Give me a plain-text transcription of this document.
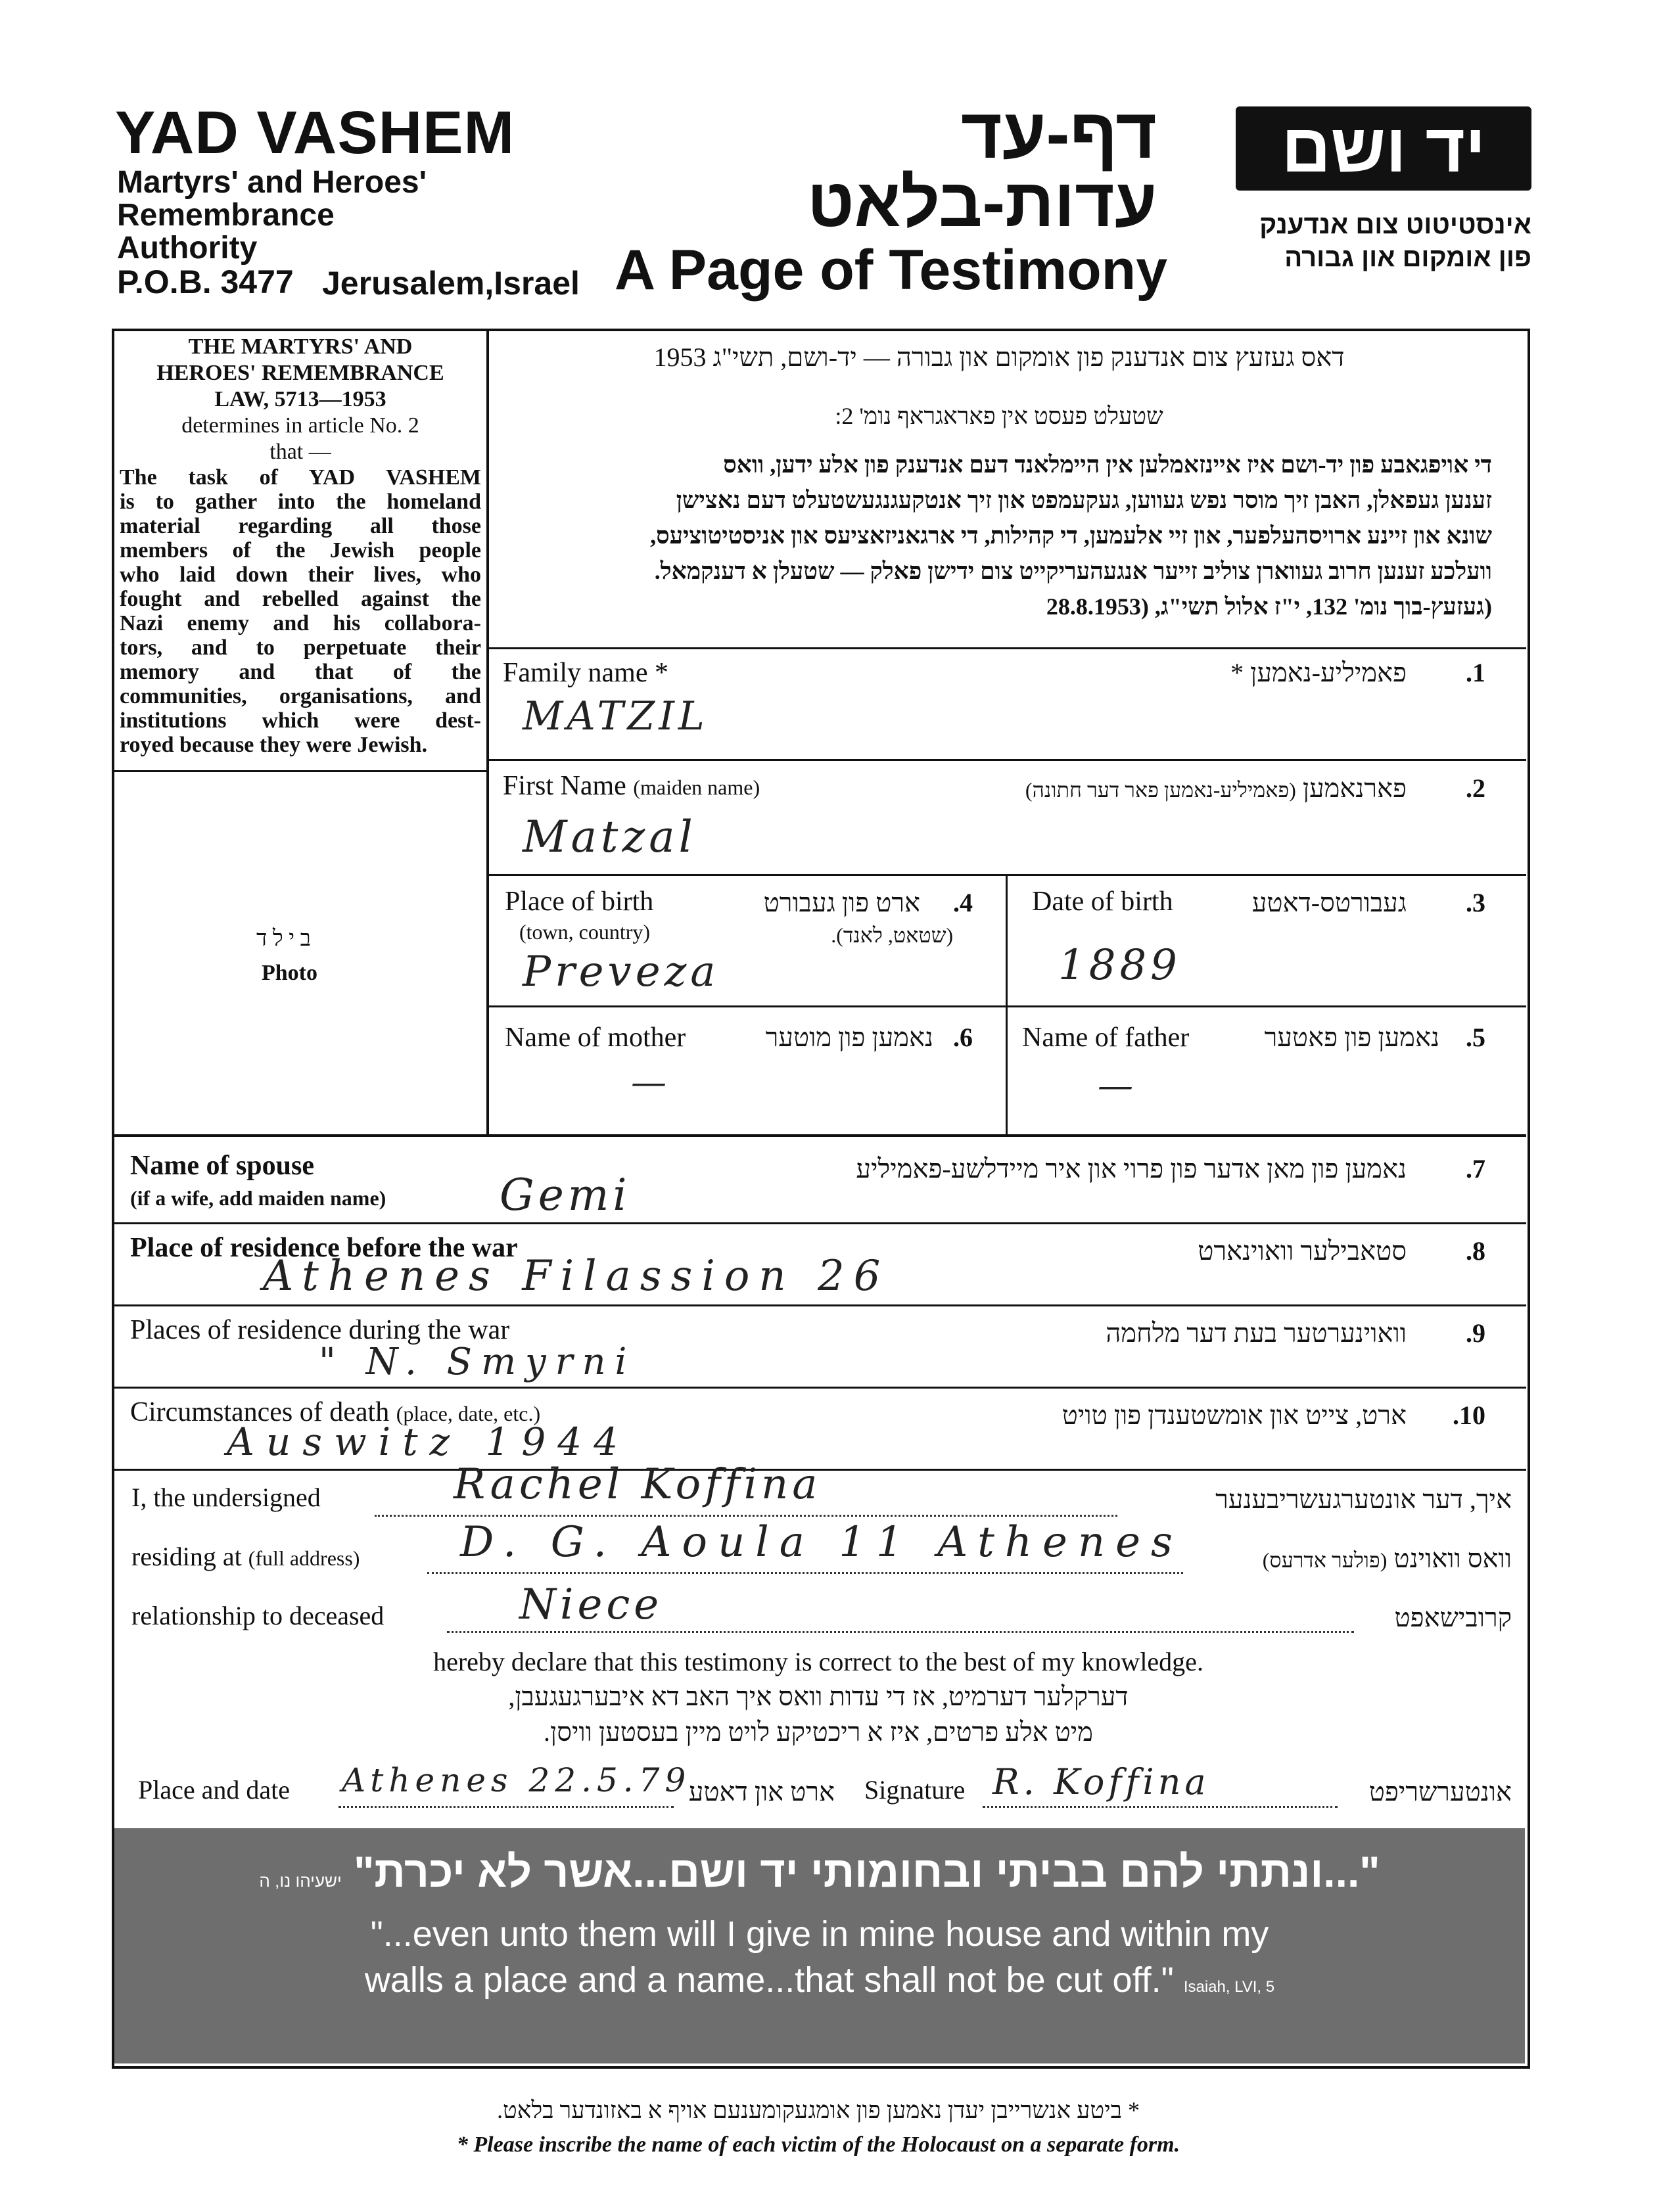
YAD VASHEM
Martyrs' and Heroes'
Remembrance
Authority
P.O.B. 3477 Jerusalem,Israel
דף-עד
עדות-בלאט
A Page of Testimony
יד ושם
אינסטיטוט צום אנדענק
פון אומקום און גבורה
THE MARTYRS' AND
HEROES' REMEMBRANCE
LAW, 5713—1953
determines in article No. 2
that —
The task of YAD VASHEM
is to gather into the homeland
material regarding all those
members of the Jewish people
who laid down their lives, who
fought and rebelled against the
Nazi enemy and his collabora-
tors, and to perpetuate their
memory and that of the
communities, organisations, and
institutions which were dest-
royed because they were Jewish.
ב י ל ד
Photo
דאס געזעץ צום אנדענק פון אומקום און גבורה — יד-ושם, תשי"ג 1953
שטעלט פעסט אין פאראגראף נומ' 2:
די אויפגאבע פון יד-ושם איז איינזאמלען אין היימלאנד דעם אנדענק פון אלע ידען, וואס
זענען געפאלן, האבן זיך מוסר נפש געווען, געקעמפט און זיך אנטקעגנגעשטעלט דעם נאצישן
שונא און זיינע ארויסהעלפער, און זיי אלעמען, די קהילות, די ארגאניזאציעס און אניסטיטוציעס,
וועלכע זענען חרוב געווארן צוליב זייער אנגעהעריקייט צום ידישן פאלק — שטעלן א דענקמאל.
(געזעץ-בוך נומ' 132, י"ז אלול תשי"ג, (28.8.1953
Family name *	פאמיליע-נאמען * .1
MATZIL
First Name (maiden name)	פארנאמען (פאמיליע-נאמען פאר דער חתונה)	.2
Matzal
Place of birth
(town, country)
ארט פון געבורט
(שטאט, לאנד).
.4
Preveza
Date of birth	געבורטס-דאטע .3
1889
Name of mother	נאמען פון מוטער .6
—
Name of father	נאמען פון פאטער .5
—
Name of spouse
(if a wife, add maiden name)
נאמען פון מאן אדער פון פרוי און איר מיידלשע-פאמיליע .7
Gemi
Place of residence before the war	סטאבילער וואוינארט .8
Athenes Filassion 26
Places of residence during the war	וואוינערטער בעת דער מלחמה .9
" N. Smyrni
Circumstances of death (place, date, etc.)	ארט, צייט און אומשטענדן פון טויט .10
Auswitz 1944
I, the undersigned	Rachel Koffina	איך, דער אונטערגעשריבענער
residing at (full address) D. G. Aoula 11 Athenes	וואס וואוינט (פולער אדרעס)
relationship to deceased	Niece	קרובישאפט
hereby declare that this testimony is correct to the best of my knowledge.
דערקלער דערמיט, אז די עדות וואס איך האב דא איבערגעגעבן,
מיט אלע פרטים, איז א ריכטיקע לויט מיין בעסטען וויסן.
Place and date Athenes 22.5.79
ארט און דאטע Signature R. Koffina	אונטערשריפט
"...ונתתי להם בביתי ובחומותי יד ושם...אשר לא יכרת" ישעיהו נו, ה
"...even unto them will I give in mine house and within my
walls a place and a name...that shall not be cut off." Isaiah, LVI, 5
* ביטע אנשרייבן יעדן נאמען פון אומגעקומענעם אויף א באזונדער בלאט.
* Please inscribe the name of each victim of the Holocaust on a separate form.
